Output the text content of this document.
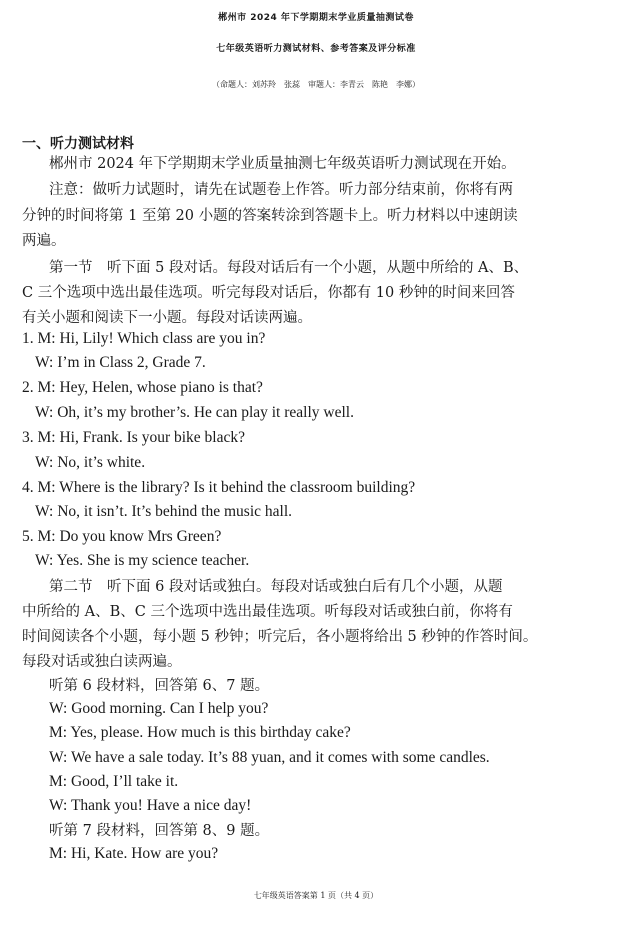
郴州市 2024 年下学期期末学业质量抽测试卷
七年级英语听力测试材料、参考答案及评分标准
（命题人：刘苏羚　张蕊　审题人：李青云　陈艳　李娜）
一、听力测试材料
郴州市 2024 年下学期期末学业质量抽测七年级英语听力测试现在开始。
注意：做听力试题时，请先在试题卷上作答。听力部分结束前，你将有两
分钟的时间将第 1 至第 20 小题的答案转涂到答题卡上。听力材料以中速朗读
两遍。
第一节　听下面 5 段对话。每段对话后有一个小题，从题中所给的 A、B、
C 三个选项中选出最佳选项。听完每段对话后，你都有 10 秒钟的时间来回答
有关小题和阅读下一小题。每段对话读两遍。
1. M: Hi, Lily! Which class are you in?
W: I’m in Class 2, Grade 7.
2. M: Hey, Helen, whose piano is that?
W: Oh, it’s my brother’s. He can play it really well.
3. M: Hi, Frank. Is your bike black?
W: No, it’s white.
4. M: Where is the library? Is it behind the classroom building?
W: No, it isn’t. It’s behind the music hall.
5. M: Do you know Mrs Green?
W: Yes. She is my science teacher.
第二节　听下面 6 段对话或独白。每段对话或独白后有几个小题，从题
中所给的 A、B、C 三个选项中选出最佳选项。听每段对话或独白前，你将有
时间阅读各个小题，每小题 5 秒钟；听完后，各小题将给出 5 秒钟的作答时间。
每段对话或独白读两遍。
听第 6 段材料，回答第 6、7 题。
W: Good morning. Can I help you?
M: Yes, please. How much is this birthday cake?
W: We have a sale today. It’s 88 yuan, and it comes with some candles.
M: Good, I’ll take it.
W: Thank you! Have a nice day!
听第 7 段材料，回答第 8、9 题。
M: Hi, Kate. How are you?
七年级英语答案第 1 页（共 4 页）
